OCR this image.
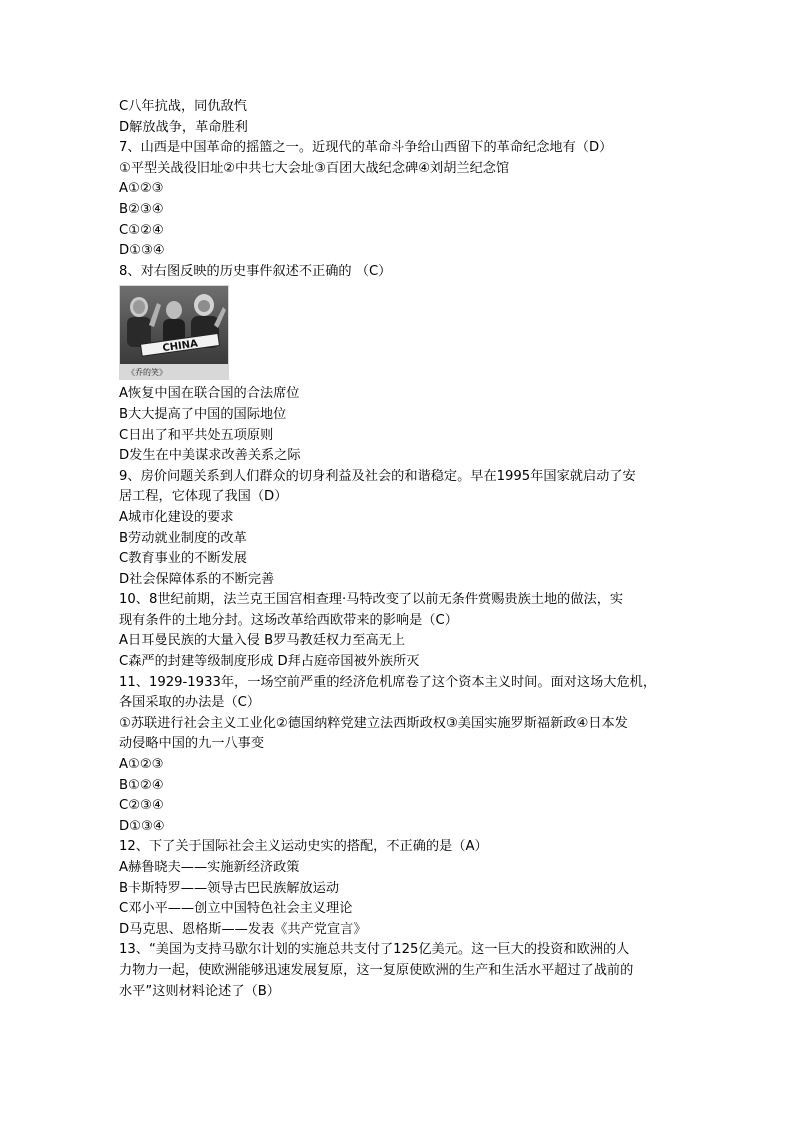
C八年抗战，同仇敌忾
D解放战争，革命胜利
7、山西是中国革命的摇篮之一。近现代的革命斗争给山西留下的革命纪念地有（D）
①平型关战役旧址②中共七大会址③百团大战纪念碑④刘胡兰纪念馆
A①②③
B②③④
C①②④
D①③④
8、对右图反映的历史事件叙述不正确的 （C）
CHINA
《乔的笑》
A恢复中国在联合国的合法席位
B大大提高了中国的国际地位
C日出了和平共处五项原则
D发生在中美谋求改善关系之际
9、房价问题关系到人们群众的切身利益及社会的和谐稳定。早在1995年国家就启动了安
居工程，它体现了我国（D）
A城市化建设的要求
B劳动就业制度的改革
C教育事业的不断发展
D社会保障体系的不断完善
10、8世纪前期，法兰克王国宫相查理·马特改变了以前无条件赏赐贵族土地的做法，实
现有条件的土地分封。这场改革给西欧带来的影响是（C）
A日耳曼民族的大量入侵 B罗马教廷权力至高无上
C森严的封建等级制度形成 D拜占庭帝国被外族所灭
11、1929-1933年，一场空前严重的经济危机席卷了这个资本主义时间。面对这场大危机，
各国采取的办法是（C）
①苏联进行社会主义工业化②德国纳粹党建立法西斯政权③美国实施罗斯福新政④日本发
动侵略中国的九一八事变
A①②③
B①②④
C②③④
D①③④
12、下了关于国际社会主义运动史实的搭配，不正确的是（A）
A赫鲁晓夫——实施新经济政策
B卡斯特罗——领导古巴民族解放运动
C邓小平——创立中国特色社会主义理论
D马克思、恩格斯——发表《共产党宣言》
13、“美国为支持马歇尔计划的实施总共支付了125亿美元。这一巨大的投资和欧洲的人
力物力一起，使欧洲能够迅速发展复原，这一复原使欧洲的生产和生活水平超过了战前的
水平”这则材料论述了（B）
